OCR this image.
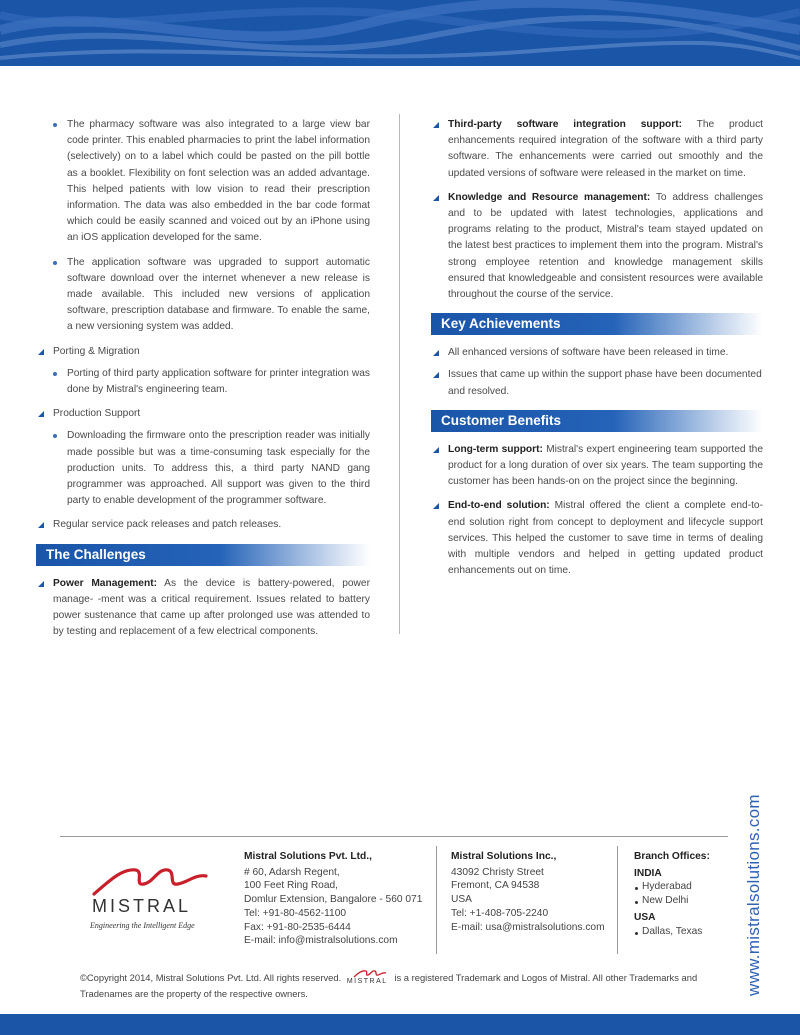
The pharmacy software was also integrated to a large view bar code printer. This enabled pharmacies to print the label information (selectively) on to a label which could be pasted on the pill bottle as a booklet. Flexibility on font selection was an added advantage. This helped patients with low vision to read their prescription information. The data was also embedded in the bar code format which could be easily scanned and voiced out by an iPhone using an iOS application developed for the same.

The application software was upgraded to support automatic software download over the internet whenever a new release is made available. This included new versions of application software, prescription database and firmware. To enable the same, a new versioning system was added.

Porting & Migration

Porting of third party application software for printer integration was done by Mistral's engineering team.

Production Support

Downloading the firmware onto the prescription reader was initially made possible but was a time-consuming task especially for the production units. To address this, a third party NAND gang programmer was approached. All support was given to the third party to enable development of the programmer software.

Regular service pack releases and patch releases.

The Challenges

Power Management: As the device is battery-powered, power manage- -ment was a critical requirement. Issues related to battery power sustenance that came up after prolonged use was attended to by testing and replacement of a few electrical components.

Third-party software integration support: The product enhancements required integration of the software with a third party software. The enhancements were carried out smoothly and the updated versions of software were released in the market on time.

Knowledge and Resource management: To address challenges and to be updated with latest technologies, applications and programs relating to the product, Mistral's team stayed updated on the latest best practices to implement them into the program. Mistral's strong employee retention and knowledge management skills ensured that knowledgeable and consistent resources were available throughout the course of the service.

Key Achievements

All enhanced versions of software have been released in time.

Issues that came up within the support phase have been documented and resolved.

Customer Benefits

Long-term support: Mistral's expert engineering team supported the product for a long duration of over six years. The team supporting the customer has been hands-on on the project since the beginning.

End-to-end solution: Mistral offered the client a complete end-to-end solution right from concept to deployment and lifecycle support services. This helped the customer to save time in terms of dealing with multiple vendors and helped in getting updated product enhancements out on time.

MISTRAL
Engineering the Intelligent Edge
Mistral Solutions Pvt. Ltd.,
# 60, Adarsh Regent,
100 Feet Ring Road,
Domlur Extension, Bangalore - 560 071
Tel: +91-80-4562-1100
Fax: +91-80-2535-6444
E-mail: info@mistralsolutions.com
Mistral Solutions Inc.,
43092 Christy Street
Fremont, CA 94538
USA
Tel: +1-408-705-2240
E-mail: usa@mistralsolutions.com
Branch Offices:
INDIA
Hyderabad
New Delhi
USA
Dallas, Texas	www.mistralsolutions.com
©Copyright 2014, Mistral Solutions Pvt. Ltd. All rights reserved. MISTRAL is a registered Trademark and Logos of Mistral. All other Trademarks and Tradenames are the property of the respective owners.
